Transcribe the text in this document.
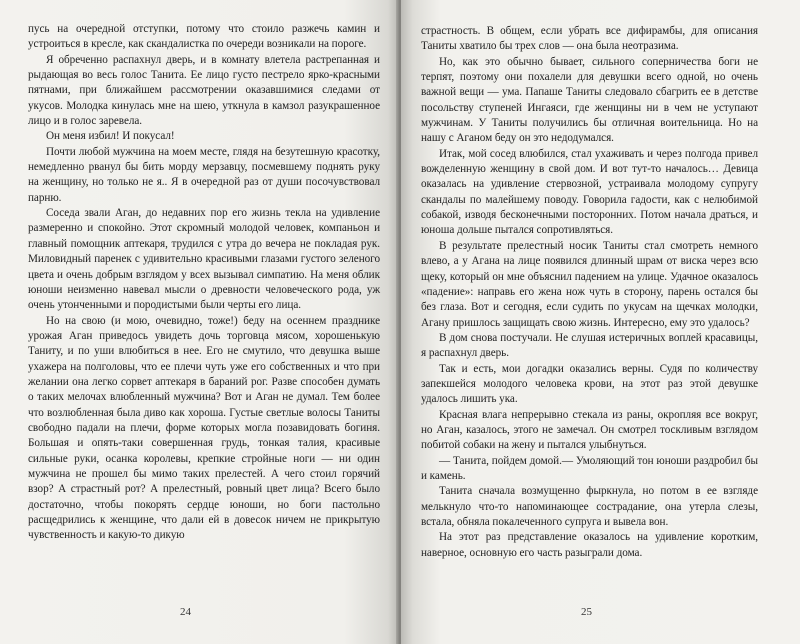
пусь на очередной отступки, потому что стоило разжечь камин и устроиться в кресле, как скандалистка по очереди возникали на пороге.

Я обреченно распахнул дверь, и в комнату влетела растрепанная и рыдающая во весь голос Танита. Ее лицо густо пестрело ярко-красными пятнами, при ближайшем рассмотрении оказавшимися следами от укусов. Молодка кинулась мне на шею, уткнула в камзол разукрашенное лицо и в голос заревела.

Он меня избил! И покусал!

Почти любой мужчина на моем месте, глядя на безутешную красотку, немедленно рванул бы бить морду мерзавцу, посмевшему поднять руку на женщину, но только не я.. Я в очередной раз от души посочувствовал парню.

Соседа звали Аган, до недавних пор его жизнь текла на удивление размеренно и спокойно. Этот скромный молодой человек, компаньон и главный помощник аптекаря, трудился с утра до вечера не покладая рук. Миловидный паренек с удивительно красивыми глазами густого зеленого цвета и очень добрым взглядом у всех вызывал симпатию. На меня облик юноши неизменно навевал мысли о древности человеческого рода, уж очень утонченными и породистыми были черты его лица.

Но на свою (и мою, очевидно, тоже!) беду на осеннем празднике урожая Аган приведось увидеть дочь торговца мясом, хорошенькую Таниту, и по уши влюбиться в нее. Его не смутило, что девушка выше ухажера на полголовы, что ее плечи чуть уже его собственных и что при желании она легко сорвет аптекаря в бараний рог. Разве способен думать о таких мелочах влюбленный мужчина? Вот и Аган не думал. Тем более что возлюбленная была диво как хороша. Густые светлые волосы Таниты свободно падали на плечи, форме которых могла позавидовать богиня. Большая и опять-таки совершенная грудь, тонкая талия, красивые сильные руки, осанка королевы, крепкие стройные ноги — ни один мужчина не прошел бы мимо таких прелестей. А чего стоил горячий взор? А страстный рот? А прелестный, ровный цвет лица? Всего было достаточно, чтобы покорять сердце юноши, но боги пастольно расщедрились к женщине, что дали ей в довесок ничем не прикрытую чувственность и какую-то дикую

24

страстность. В общем, если убрать все дифирамбы, для описания Таниты хватило бы трех слов — она была неотразима.

Но, как это обычно бывает, сильного соперничества боги не терпят, поэтому они похалели для девушки всего одной, но очень важной вещи — ума. Папаше Таниты следовало сбагрить ее в детстве посольству ступеней Ингаяси, где женщины ни в чем не уступают мужчинам. У Таниты получились бы отличная воительница. Но на нашу с Аганом беду он это недодумался.

Итак, мой сосед влюбился, стал ухаживать и через полгода привел вожделенную женщину в свой дом. И вот тут-то началось… Девица оказалась на удивление стервозной, устраивала молодому супругу скандалы по малейшему поводу. Говорила гадости, как с нелюбимой собакой, изводя бесконечными посторонних. Потом начала драться, и юноша дольше пытался сопротивляться.

В результате прелестный носик Таниты стал смотреть немного влево, а у Агана на лице появился длинный шрам от виска через всю щеку, который он мне объяснил падением на улице. Удачное оказалось «падение»: направь его жена нож чуть в сторону, парень остался бы без глаза. Вот и сегодня, если судить по укусам на щечках молодки, Агану пришлось защищать свою жизнь. Интересно, ему это удалось?

В дом снова постучали. Не слушая истеричных воплей красавицы, я распахнул дверь.

Так и есть, мои догадки оказались верны. Судя по количеству запекшейся молодого человека крови, на этот раз этой девушке удалось лишить ука.

Красная влага непрерывно стекала из раны, окропляя все вокруг, но Аган, казалось, этого не замечал. Он смотрел тоскливым взглядом побитой собаки на жену и пытался улыбнуться.

— Танита, пойдем домой.— Умоляющий тон юноши раздробил бы и камень.

Танита сначала возмущенно фыркнула, но потом в ее взгляде мелькнуло что-то напоминающее сострадание, она утерла слезы, встала, обняла покалеченного супруга и вывела вон.

На этот раз представление оказалось на удивление коротким, наверное, основную его часть разыграли дома.

25
